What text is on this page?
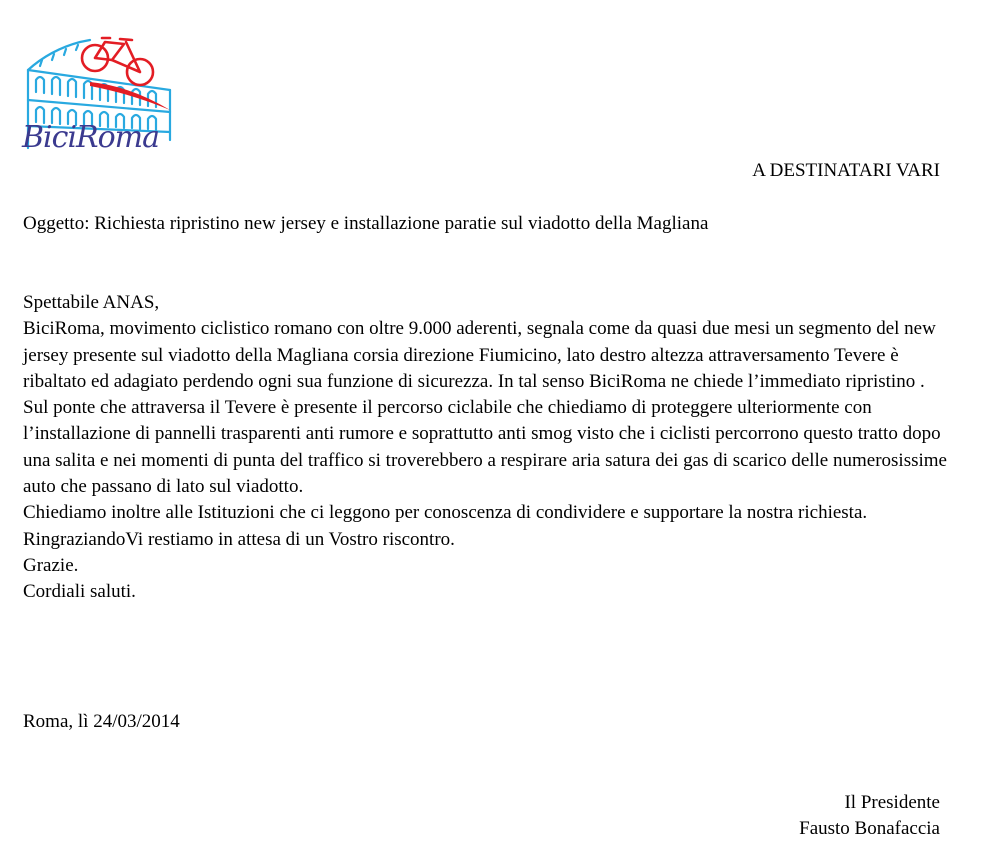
BiciRoma

A DESTINATARI VARI

Oggetto: Richiesta ripristino new jersey e installazione paratie sul viadotto della Magliana

Spettabile ANAS,

BiciRoma, movimento ciclistico romano con oltre 9.000 aderenti, segnala come da quasi due mesi un segmento del new jersey presente sul viadotto della Magliana corsia direzione Fiumicino, lato destro altezza attraversamento Tevere è ribaltato ed adagiato perdendo ogni sua funzione di sicurezza. In tal senso BiciRoma ne chiede l’immediato ripristino .

Sul ponte che attraversa il Tevere è presente il percorso ciclabile che chiediamo di proteggere ulteriormente con l’installazione di pannelli trasparenti anti rumore e soprattutto anti smog visto che i ciclisti percorrono questo tratto dopo una salita e nei momenti di punta del traffico si troverebbero a respirare aria satura dei gas di scarico delle numerosissime auto che passano di lato sul viadotto.

Chiediamo inoltre alle Istituzioni che ci leggono per conoscenza di condividere e supportare la nostra richiesta.

RingraziandoVi restiamo in attesa di un Vostro riscontro.

Grazie.

Cordiali saluti.

Roma, lì 24/03/2014

Il Presidente
Fausto Bonafaccia
